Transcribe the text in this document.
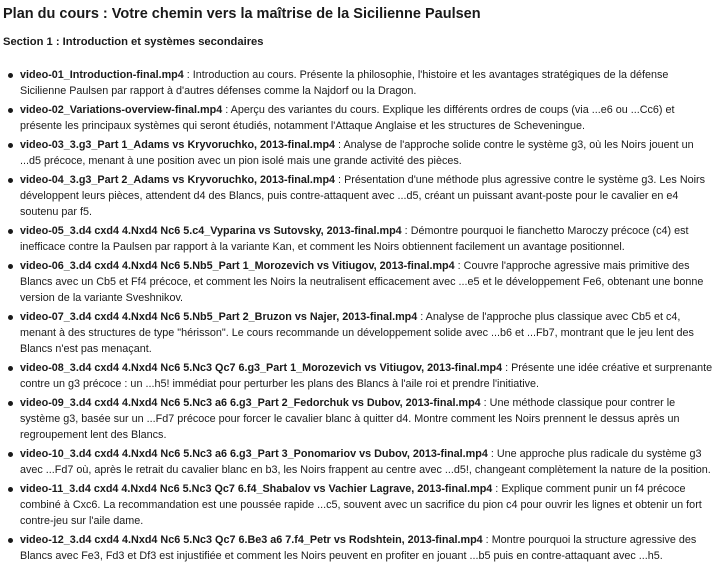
Plan du cours : Votre chemin vers la maîtrise de la Sicilienne Paulsen
Section 1 : Introduction et systèmes secondaires
video-01_Introduction-final.mp4 : Introduction au cours. Présente la philosophie, l'histoire et les avantages stratégiques de la défense Sicilienne Paulsen par rapport à d'autres défenses comme la Najdorf ou la Dragon.
video-02_Variations-overview-final.mp4 : Aperçu des variantes du cours. Explique les différents ordres de coups (via ...e6 ou ...Cc6) et présente les principaux systèmes qui seront étudiés, notamment l'Attaque Anglaise et les structures de Scheveningue.
video-03_3.g3_Part 1_Adams vs Kryvoruchko, 2013-final.mp4 : Analyse de l'approche solide contre le système g3, où les Noirs jouent un ...d5 précoce, menant à une position avec un pion isolé mais une grande activité des pièces.
video-04_3.g3_Part 2_Adams vs Kryvoruchko, 2013-final.mp4 : Présentation d'une méthode plus agressive contre le système g3. Les Noirs développent leurs pièces, attendent d4 des Blancs, puis contre-attaquent avec ...d5, créant un puissant avant-poste pour le cavalier en e4 soutenu par f5.
video-05_3.d4 cxd4 4.Nxd4 Nc6 5.c4_Vyparina vs Sutovsky, 2013-final.mp4 : Démontre pourquoi le fianchetto Maroczy précoce (c4) est inefficace contre la Paulsen par rapport à la variante Kan, et comment les Noirs obtiennent facilement un avantage positionnel.
video-06_3.d4 cxd4 4.Nxd4 Nc6 5.Nb5_Part 1_Morozevich vs Vitiugov, 2013-final.mp4 : Couvre l'approche agressive mais primitive des Blancs avec un Cb5 et Ff4 précoce, et comment les Noirs la neutralisent efficacement avec ...e5 et le développement Fe6, obtenant une bonne version de la variante Sveshnikov.
video-07_3.d4 cxd4 4.Nxd4 Nc6 5.Nb5_Part 2_Bruzon vs Najer, 2013-final.mp4 : Analyse de l'approche plus classique avec Cb5 et c4, menant à des structures de type "hérisson". Le cours recommande un développement solide avec ...b6 et ...Fb7, montrant que le jeu lent des Blancs n'est pas menaçant.
video-08_3.d4 cxd4 4.Nxd4 Nc6 5.Nc3 Qc7 6.g3_Part 1_Morozevich vs Vitiugov, 2013-final.mp4 : Présente une idée créative et surprenante contre un g3 précoce : un ...h5! immédiat pour perturber les plans des Blancs à l'aile roi et prendre l'initiative.
video-09_3.d4 cxd4 4.Nxd4 Nc6 5.Nc3 a6 6.g3_Part 2_Fedorchuk vs Dubov, 2013-final.mp4 : Une méthode classique pour contrer le système g3, basée sur un ...Fd7 précoce pour forcer le cavalier blanc à quitter d4. Montre comment les Noirs prennent le dessus après un regroupement lent des Blancs.
video-10_3.d4 cxd4 4.Nxd4 Nc6 5.Nc3 a6 6.g3_Part 3_Ponomariov vs Dubov, 2013-final.mp4 : Une approche plus radicale du système g3 avec ...Fd7 où, après le retrait du cavalier blanc en b3, les Noirs frappent au centre avec ...d5!, changeant complètement la nature de la position.
video-11_3.d4 cxd4 4.Nxd4 Nc6 5.Nc3 Qc7 6.f4_Shabalov vs Vachier Lagrave, 2013-final.mp4 : Explique comment punir un f4 précoce combiné à Cxc6. La recommandation est une poussée rapide ...c5, souvent avec un sacrifice du pion c4 pour ouvrir les lignes et obtenir un fort contre-jeu sur l'aile dame.
video-12_3.d4 cxd4 4.Nxd4 Nc6 5.Nc3 Qc7 6.Be3 a6 7.f4_Petr vs Rodshtein, 2013-final.mp4 : Montre pourquoi la structure agressive des Blancs avec Fe3, Fd3 et Df3 est injustifiée et comment les Noirs peuvent en profiter en jouant ...b5 puis en contre-attaquant avec ...h5.
